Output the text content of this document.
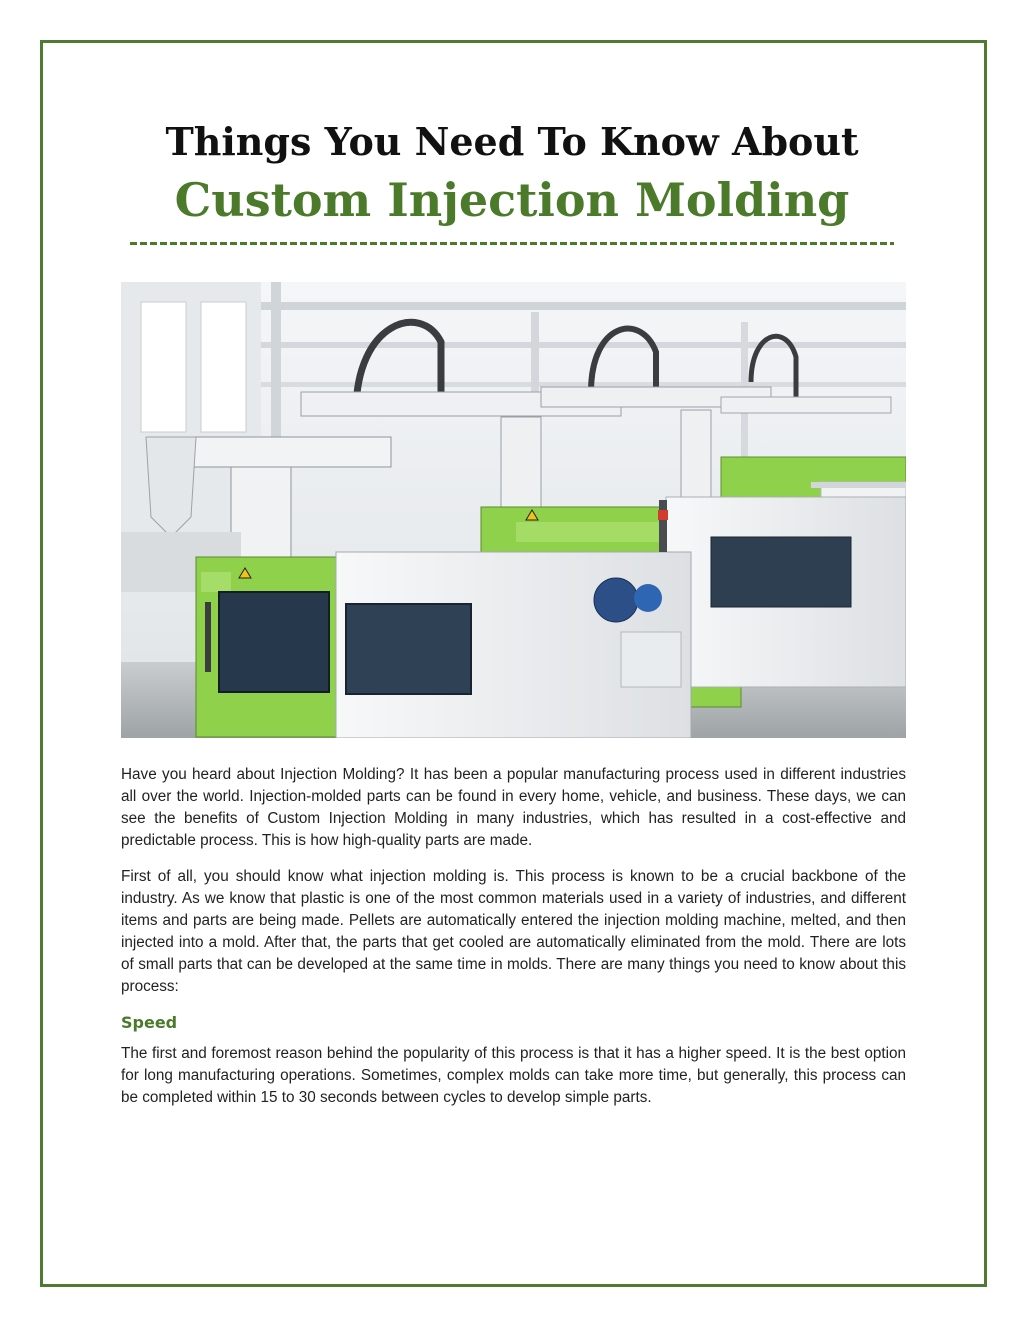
Things You Need To Know About
Custom Injection Molding

Have you heard about Injection Molding? It has been a popular manufacturing process used in different industries all over the world. Injection-molded parts can be found in every home, vehicle, and business. These days, we can see the benefits of Custom Injection Molding in many industries, which has resulted in a cost-effective and predictable process. This is how high-quality parts are made.

First of all, you should know what injection molding is. This process is known to be a crucial backbone of the industry. As we know that plastic is one of the most common materials used in a variety of industries, and different items and parts are being made. Pellets are automatically entered the injection molding machine, melted, and then injected into a mold. After that, the parts that get cooled are automatically eliminated from the mold. There are lots of small parts that can be developed at the same time in molds. There are many things you need to know about this process:

Speed

The first and foremost reason behind the popularity of this process is that it has a higher speed. It is the best option for long manufacturing operations. Sometimes, complex molds can take more time, but generally, this process can be completed within 15 to 30 seconds between cycles to develop simple parts.
